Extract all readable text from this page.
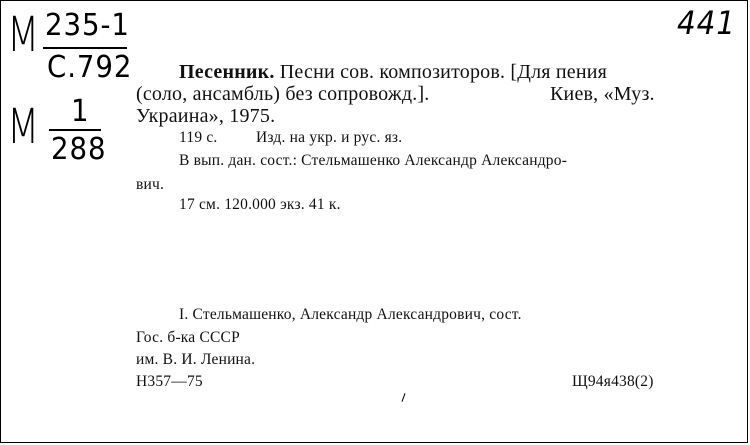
М 235-1
С.792
М 1
288
441
Песенник. Песни сов. композиторов. [Для пения
(соло, ансамбль) без сопровожд.].	Киев, «Муз.
Украина», 1975.
119 с. Изд. на укр. и рус. яз.
В вып. дан. сост.: Стельмашенко Александр Александро-
вич.
17 см. 120.000 экз. 41 к.
I. Стельмашенко, Александр Александрович, сост.
Гос. б-ка СССР
им. В. И. Ленина.
Н357—75	Щ94я438(2)
